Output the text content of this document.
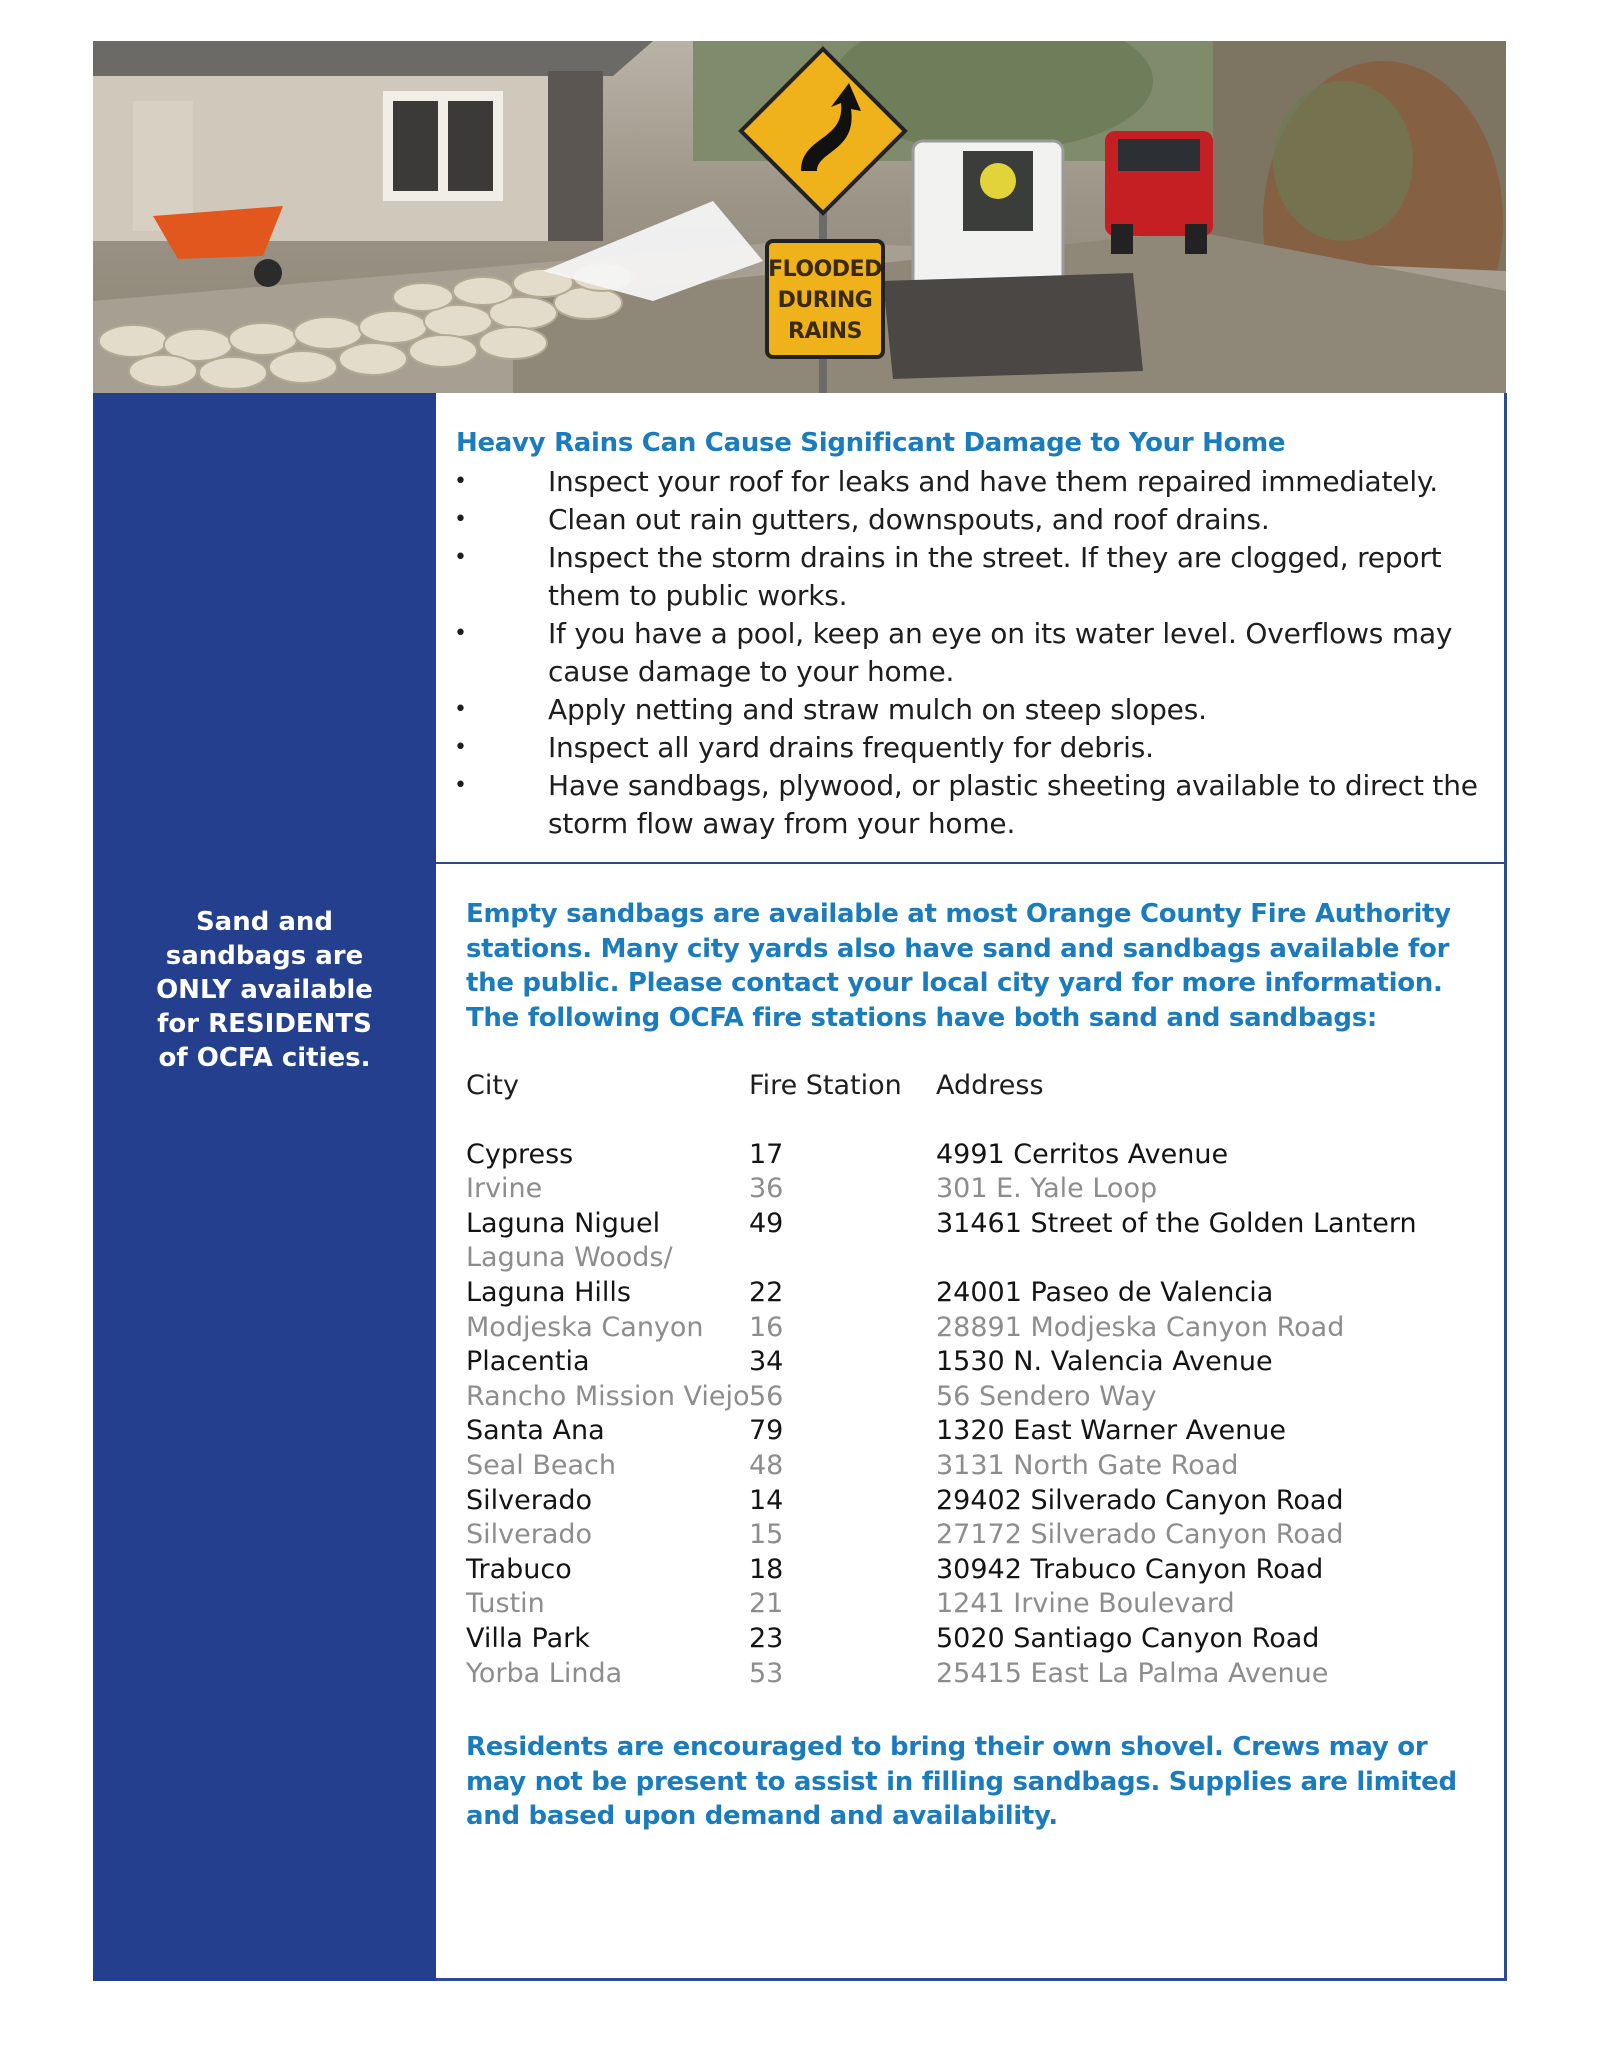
FLOODED
DURING
RAINS
Sand and
sandbags are
ONLY available
for RESIDENTS
of OCFA cities.
Heavy Rains Can Cause Significant Damage to Your Home
•	Inspect your roof for leaks and have them repaired immediately.
•	Clean out rain gutters, downspouts, and roof drains.
•	Inspect the storm drains in the street. If they are clogged, report them to public works.
•	If you have a pool, keep an eye on its water level. Overflows may cause damage to your home.
•	Apply netting and straw mulch on steep slopes.
•	Inspect all yard drains frequently for debris.
•	Have sandbags, plywood, or plastic sheeting available to direct the storm flow away from your home.
Empty sandbags are available at most Orange County Fire Authority stations. Many city yards also have sand and sandbags available for the public. Please contact your local city yard for more information. The following OCFA fire stations have both sand and sandbags:
City	Fire Station Address
Cypress	17	4991 Cerritos Avenue
Irvine	36	301 E. Yale Loop
Laguna Niguel	49	31461 Street of the Golden Lantern
Laguna Woods/
Laguna Hills	22	24001 Paseo de Valencia
Modjeska Canyon 16	28891 Modjeska Canyon Road
Placentia	34	1530 N. Valencia Avenue
Rancho Mission Viejo 56	56 Sendero Way
Santa Ana	79	1320 East Warner Avenue
Seal Beach	48	3131 North Gate Road
Silverado	14	29402 Silverado Canyon Road
Silverado	15	27172 Silverado Canyon Road
Trabuco	18	30942 Trabuco Canyon Road
Tustin	21	1241 Irvine Boulevard
Villa Park	23	5020 Santiago Canyon Road
Yorba Linda	53	25415 East La Palma Avenue
Residents are encouraged to bring their own shovel. Crews may or may not be present to assist in filling sandbags. Supplies are limited and based upon demand and availability.
